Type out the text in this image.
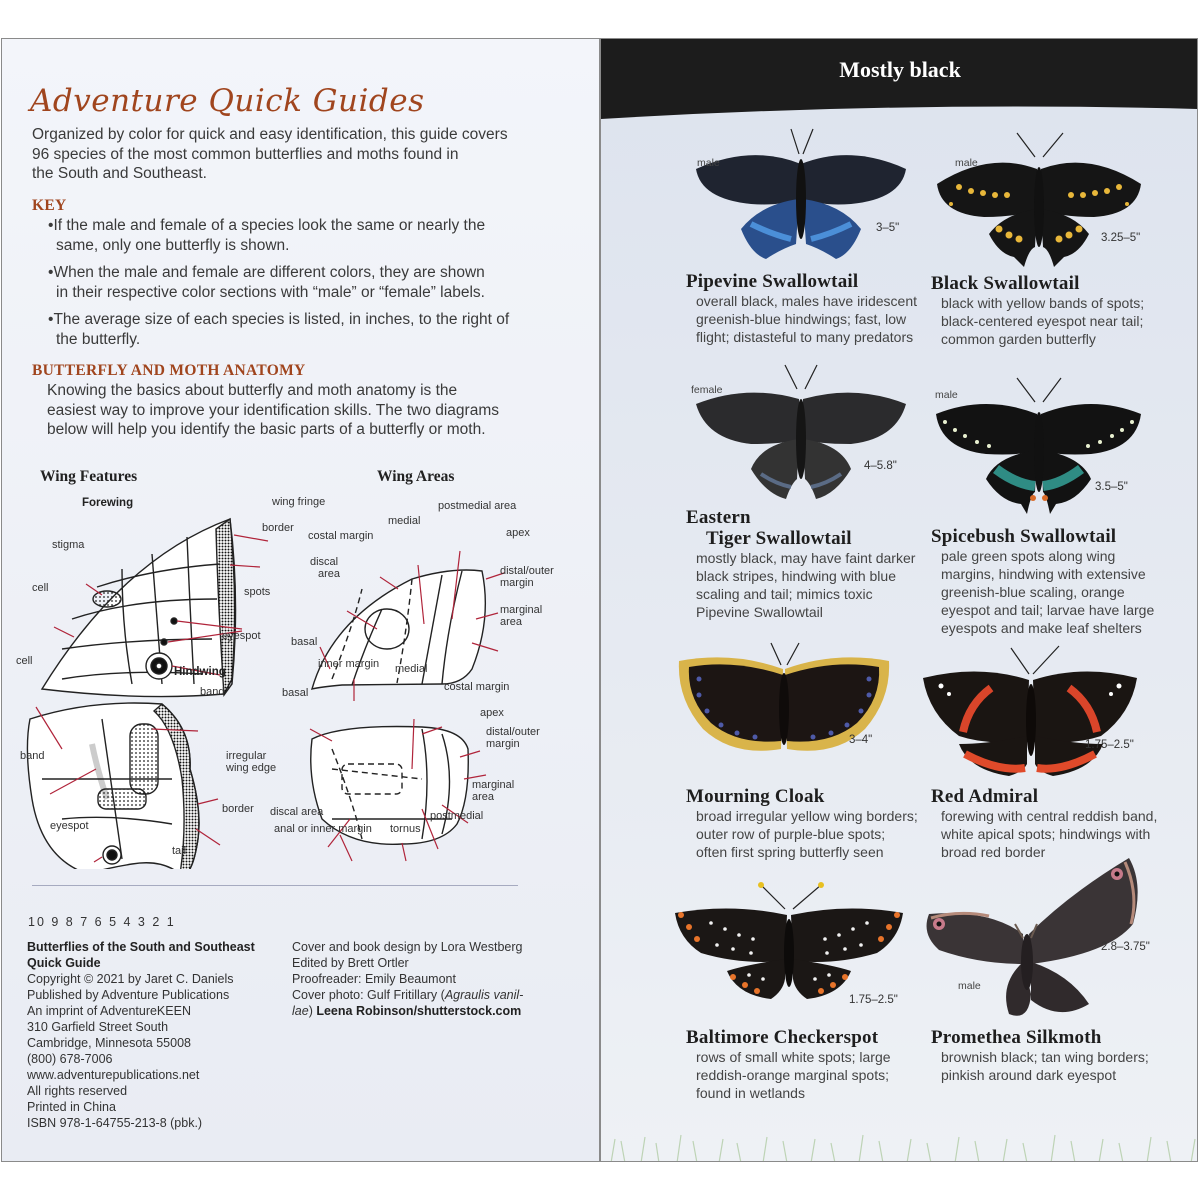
Adventure Quick Guides
Organized by color for quick and easy identification, this guide covers
96 species of the most common butterflies and moths found in
the South and Southeast.
KEY
•If the male and female of a species look the same or nearly the
same, only one butterfly is shown.
•When the male and female are different colors, they are shown
in their respective color sections with “male” or “female” labels.
•The average size of each species is listed, in inches, to the right of
the butterfly.
BUTTERFLY AND MOTH ANATOMY
Knowing the basics about butterfly and moth anatomy is the
easiest way to improve your identification skills. The two diagrams
below will help you identify the basic parts of a butterfly or moth.
Wing Features	Wing Areas
Forewing	wing fringe
border
stigma
cell	spots
eyespot
cell
Hindwing
band
band	irregular
wing edge
border
eyespot
tail
postmedial area
medial
costal margin	apex
discal
area	distal/outer
margin
basal
marginal
area
inner margin medial
basal	costal margin
apex
distal/outer
margin
marginal
area
discal area	postmedial
anal or inner margin tornus
10 9 8 7 6 5 4 3 2 1
Butterflies of the South and Southeast
Quick Guide
Copyright © 2021 by Jaret C. Daniels
Published by Adventure Publications
An imprint of AdventureKEEN
310 Garfield Street South
Cambridge, Minnesota 55008
(800) 678-7006
www.adventurepublications.net
All rights reserved
Printed in China
ISBN 978-1-64755-213-8 (pbk.)
Cover and book design by Lora Westberg
Edited by Brett Ortler
Proofreader: Emily Beaumont
Cover photo: Gulf Fritillary (Agraulis vanil-
lae) Leena Robinson/shutterstock.com
Mostly black
male
3–5"
Pipevine Swallowtail
overall black, males have iridescent
greenish-blue hindwings; fast, low
flight; distasteful to many predators
male
3.25–5"
Black Swallowtail
black with yellow bands of spots;
black-centered eyespot near tail;
common garden butterfly
female
4–5.8"
Eastern
Tiger Swallowtail
mostly black, may have faint darker
black stripes, hindwing with blue
scaling and tail; mimics toxic
Pipevine Swallowtail
male
3.5–5"
Spicebush Swallowtail
pale green spots along wing
margins, hindwing with extensive
greenish-blue scaling, orange
eyespot and tail; larvae have large
eyespots and make leaf shelters
3–4"
Mourning Cloak
broad irregular yellow wing borders;
outer row of purple-blue spots;
often first spring butterfly seen
1.75–2.5"
Red Admiral
forewing with central reddish band,
white apical spots; hindwings with
broad red border
1.75–2.5"
Baltimore Checkerspot
rows of small white spots; large
reddish-orange marginal spots;
found in wetlands
2.8–3.75"
male
Promethea Silkmoth
brownish black; tan wing borders;
pinkish around dark eyespot
